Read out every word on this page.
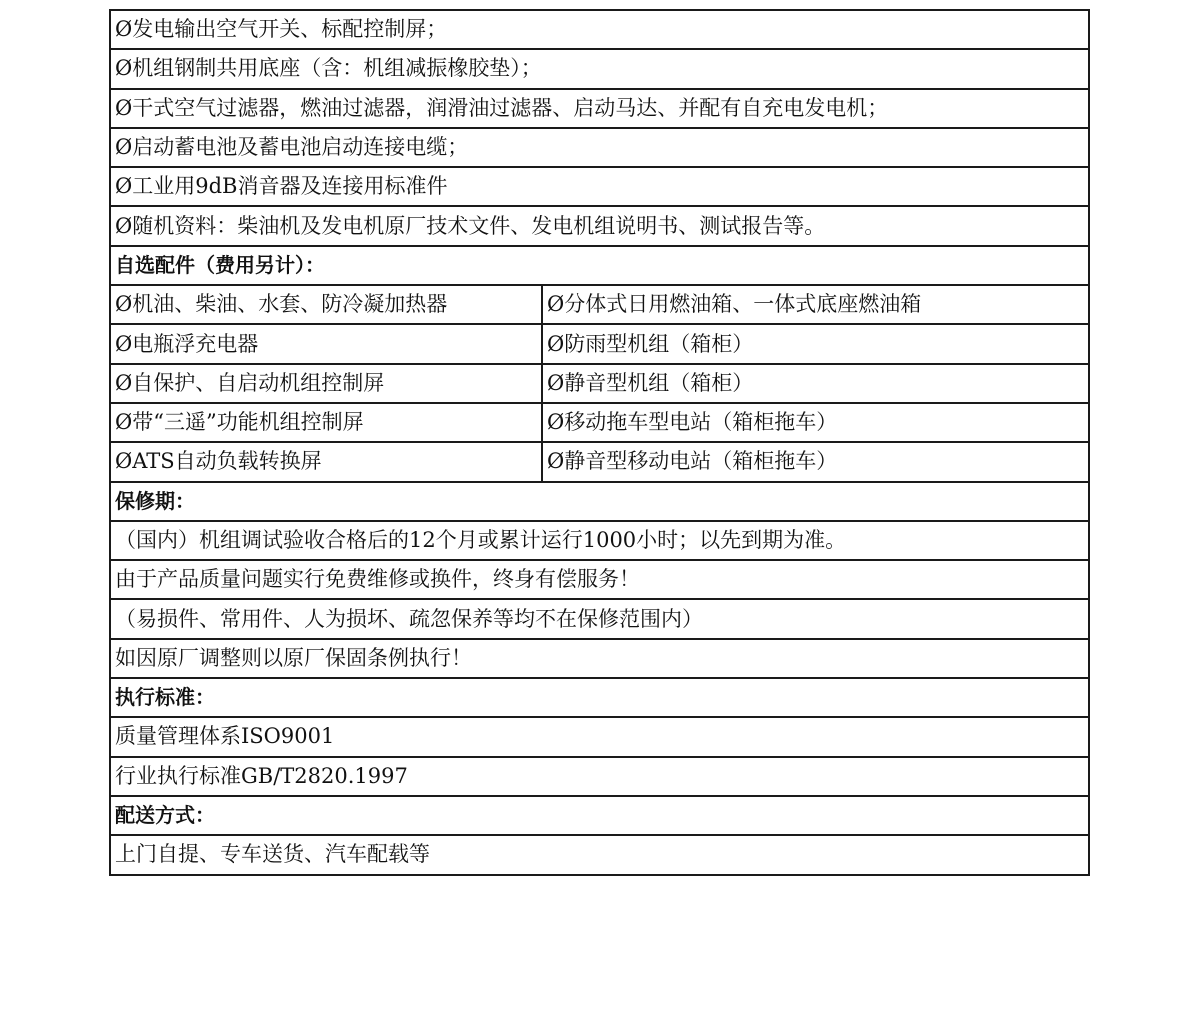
Ø发电输出空气开关、标配控制屏；	
Ø机组钢制共用底座（含：机组减振橡胶垫）；	
Ø干式空气过滤器，燃油过滤器，润滑油过滤器、启动马达、并配有自充电发电机；	
Ø启动蓄电池及蓄电池启动连接电缆；	
Ø工业用9dB消音器及连接用标准件	
Ø随机资料：柴油机及发电机原厂技术文件、发电机组说明书、测试报告等。	
自选配件（费用另计）：	
Ø机油、柴油、水套、防冷凝加热器	Ø分体式日用燃油箱、一体式底座燃油箱
Ø电瓶浮充电器	Ø防雨型机组（箱柜）
Ø自保护、自启动机组控制屏	Ø静音型机组（箱柜）
Ø带“三遥”功能机组控制屏	Ø移动拖车型电站（箱柜拖车）
ØATS自动负载转换屏	Ø静音型移动电站（箱柜拖车）
保修期：	
（国内）机组调试验收合格后的12个月或累计运行1000小时；以先到期为准。	
由于产品质量问题实行免费维修或换件，终身有偿服务！	
（易损件、常用件、人为损坏、疏忽保养等均不在保修范围内）	
如因原厂调整则以原厂保固条例执行！	
执行标准：	
质量管理体系ISO9001	
行业执行标准GB/T2820.1997	
配送方式：	
上门自提、专车送货、汽车配载等	
